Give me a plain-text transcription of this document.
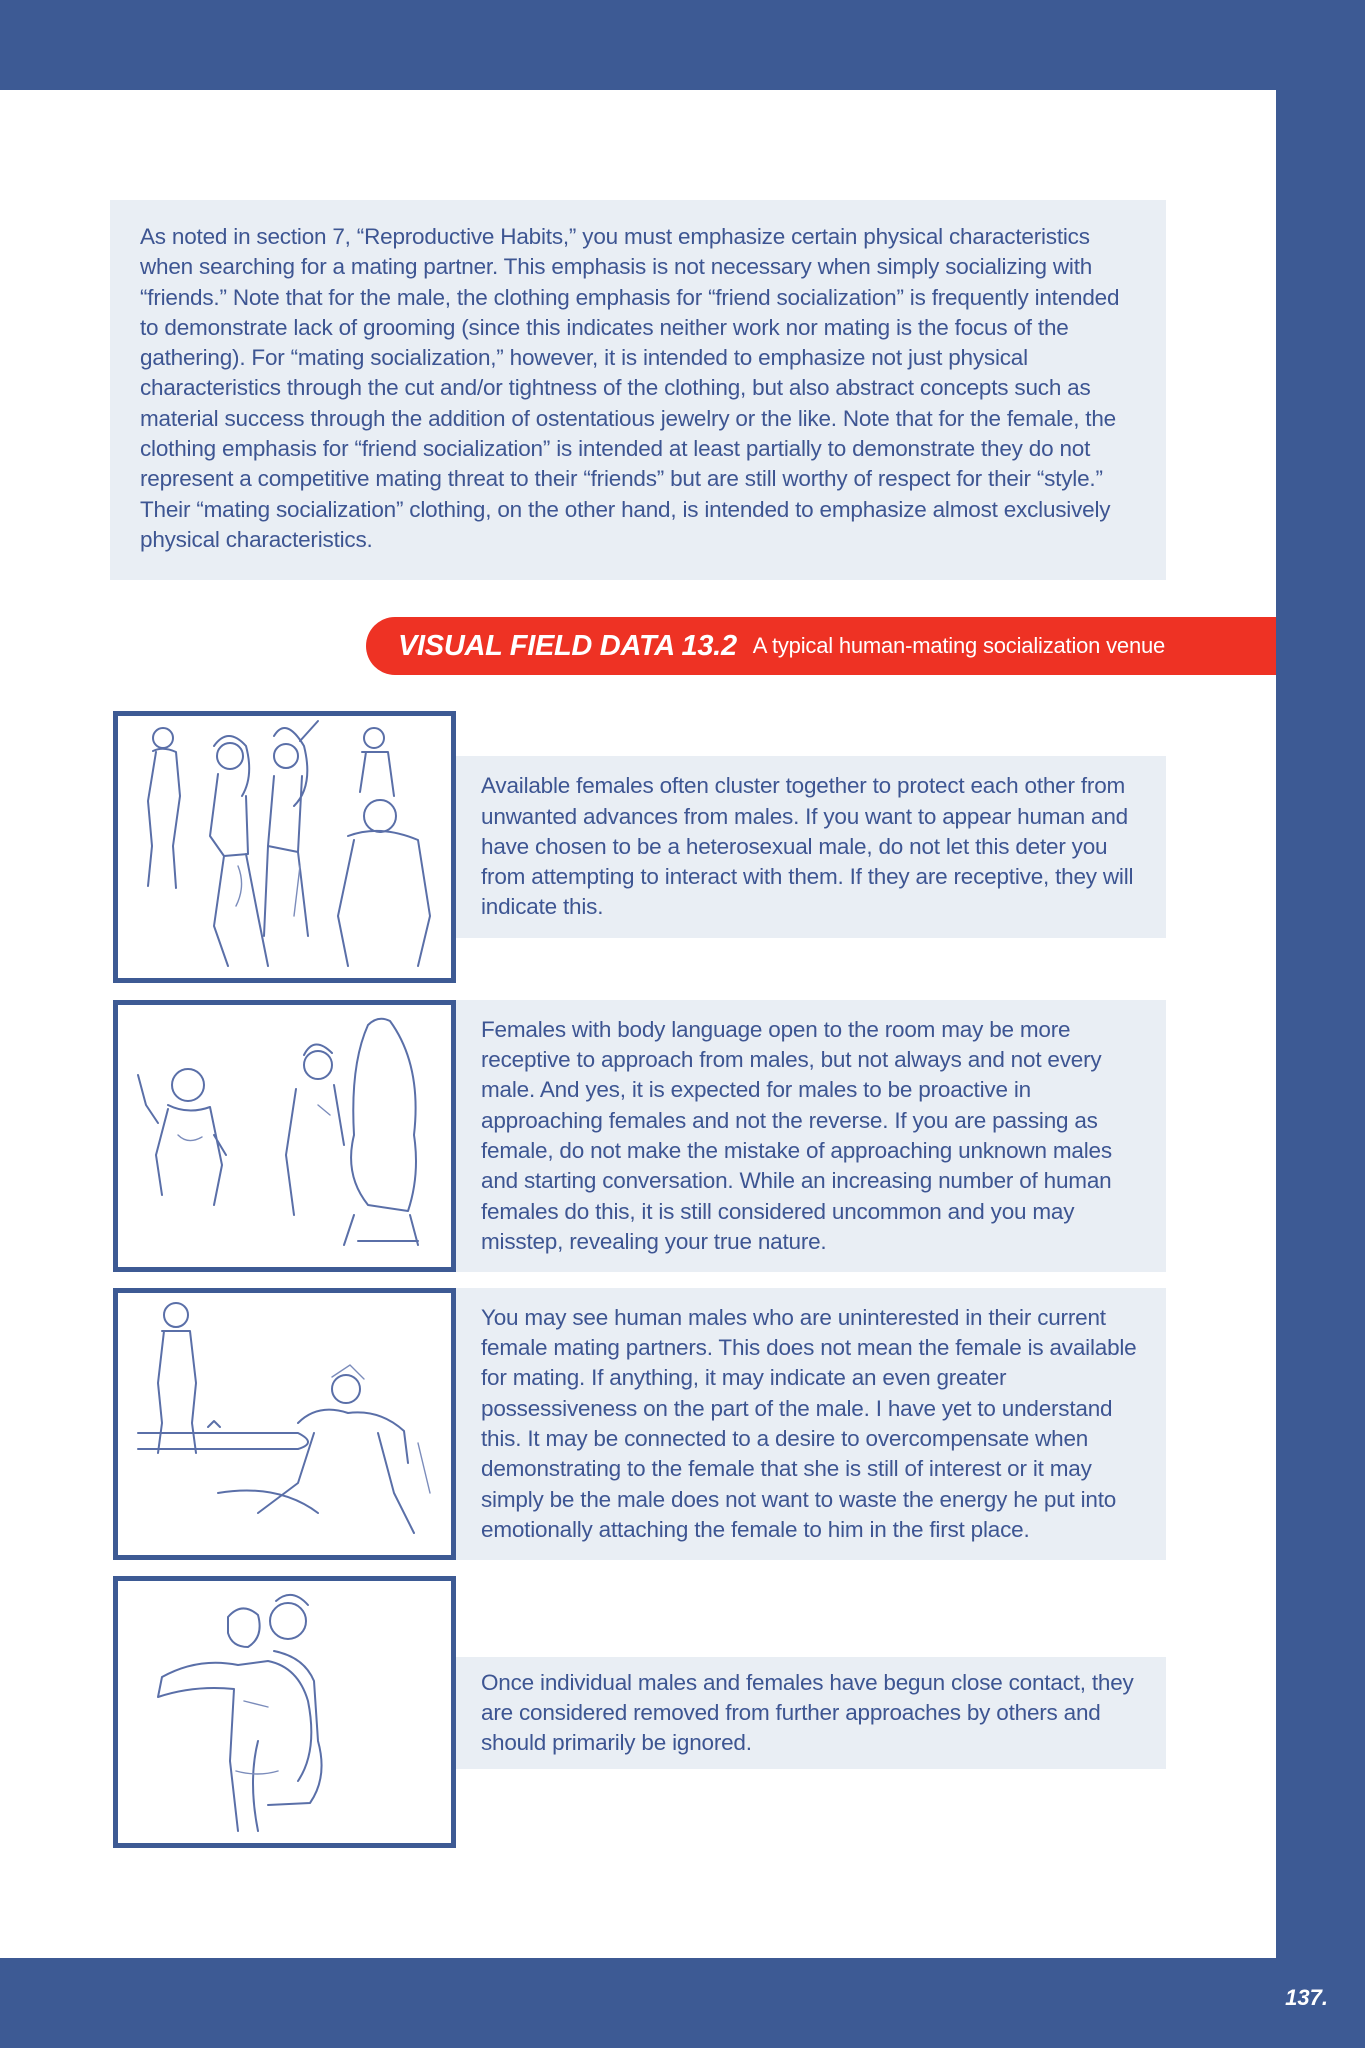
As noted in section 7, “Reproductive Habits,” you must emphasize certain physical characteristics when searching for a mating partner. This emphasis is not necessary when simply socializing with “friends.” Note that for the male, the clothing emphasis for “friend socialization” is frequently intended to demonstrate lack of grooming (since this indicates neither work nor mating is the focus of the gathering). For “mating socialization,” however, it is intended to emphasize not just physical characteristics through the cut and/or tightness of the clothing, but also abstract concepts such as material success through the addition of ostentatious jewelry or the like. Note that for the female, the clothing emphasis for “friend socialization” is intended at least partially to demonstrate they do not represent a competitive mating threat to their “friends” but are still worthy of respect for their “style.” Their “mating socialization” clothing, on the other hand, is intended to emphasize almost exclusively physical characteristics.

VISUAL FIELD DATA 13.2 A typical human-mating socialization venue

Available females often cluster together to protect each other from unwanted advances from males. If you want to appear human and have chosen to be a heterosexual male, do not let this deter you from attempting to interact with them. If they are receptive, they will indicate this.

Females with body language open to the room may be more receptive to approach from males, but not always and not every male. And yes, it is expected for males to be proactive in approaching females and not the reverse. If you are passing as female, do not make the mistake of approaching unknown males and starting conversation. While an increasing number of human females do this, it is still considered uncommon and you may misstep, revealing your true nature.

You may see human males who are uninterested in their current female mating partners. This does not mean the female is available for mating. If anything, it may indicate an even greater possessiveness on the part of the male. I have yet to understand this. It may be connected to a desire to overcompensate when demonstrating to the female that she is still of interest or it may simply be the male does not want to waste the energy he put into emotionally attaching the female to him in the first place.

Once individual males and females have begun close contact, they are considered removed from further approaches by others and should primarily be ignored.

137.
